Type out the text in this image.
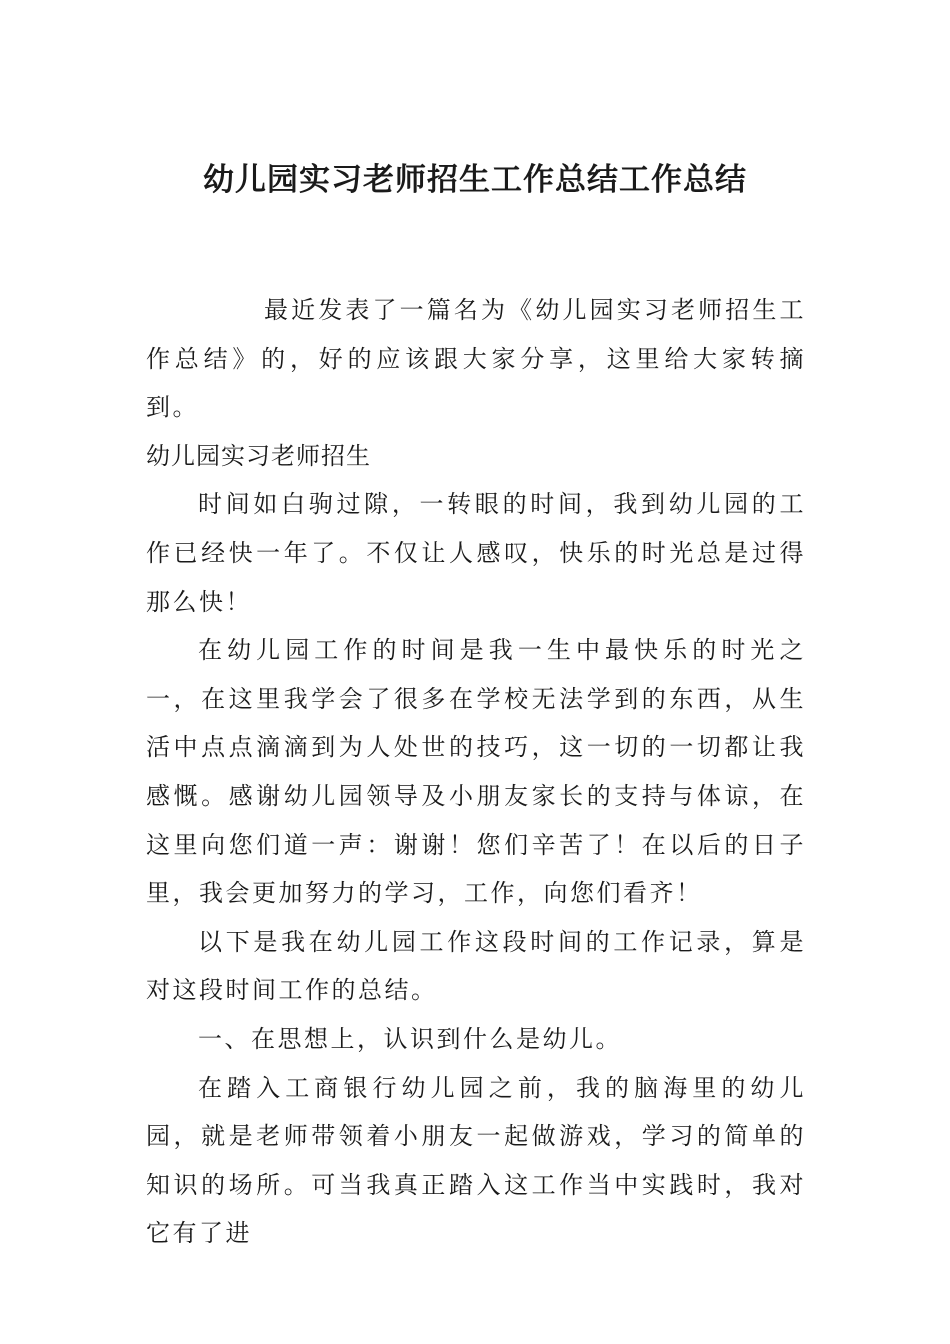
幼儿园实习老师招生工作总结工作总结

最近发表了一篇名为《幼儿园实习老师招生工作总结》的，好的应该跟大家分享，这里给大家转摘到。

幼儿园实习老师招生

时间如白驹过隙，一转眼的时间，我到幼儿园的工作已经快一年了。不仅让人感叹，快乐的时光总是过得那么快！

在幼儿园工作的时间是我一生中最快乐的时光之一，在这里我学会了很多在学校无法学到的东西，从生活中点点滴滴到为人处世的技巧，这一切的一切都让我感慨。感谢幼儿园领导及小朋友家长的支持与体谅，在这里向您们道一声：谢谢！您们辛苦了！在以后的日子里，我会更加努力的学习，工作，向您们看齐！

以下是我在幼儿园工作这段时间的工作记录，算是对这段时间工作的总结。

一、在思想上，认识到什么是幼儿。

在踏入工商银行幼儿园之前，我的脑海里的幼儿园，就是老师带领着小朋友一起做游戏，学习的简单的知识的场所。可当我真正踏入这工作当中实践时，我对它有了进
